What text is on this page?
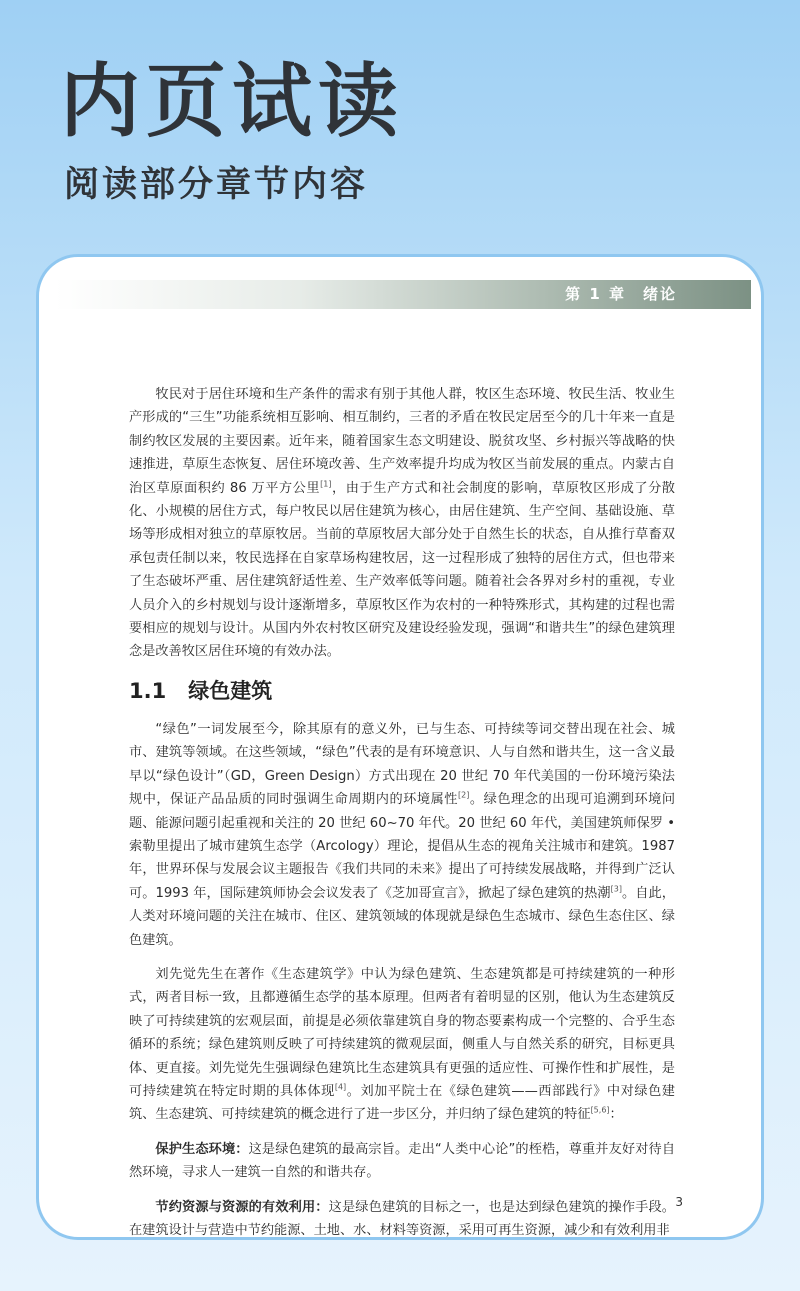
内页试读
阅读部分章节内容

第 1 章　绪论

牧民对于居住环境和生产条件的需求有别于其他人群，牧区生态环境、牧民生活、牧业生产形成的“三生”功能系统相互影响、相互制约，三者的矛盾在牧民定居至今的几十年来一直是制约牧区发展的主要因素。近年来，随着国家生态文明建设、脱贫攻坚、乡村振兴等战略的快速推进，草原生态恢复、居住环境改善、生产效率提升均成为牧区当前发展的重点。内蒙古自治区草原面积约 86 万平方公里[1]，由于生产方式和社会制度的影响，草原牧区形成了分散化、小规模的居住方式，每户牧民以居住建筑为核心，由居住建筑、生产空间、基础设施、草场等形成相对独立的草原牧居。当前的草原牧居大部分处于自然生长的状态，自从推行草畜双承包责任制以来，牧民选择在自家草场构建牧居，这一过程形成了独特的居住方式，但也带来了生态破坏严重、居住建筑舒适性差、生产效率低等问题。随着社会各界对乡村的重视，专业人员介入的乡村规划与设计逐渐增多，草原牧区作为农村的一种特殊形式，其构建的过程也需要相应的规划与设计。从国内外农村牧区研究及建设经验发现，强调“和谐共生”的绿色建筑理念是改善牧区居住环境的有效办法。

1.1 绿色建筑

“绿色”一词发展至今，除其原有的意义外，已与生态、可持续等词交替出现在社会、城市、建筑等领域。在这些领域，“绿色”代表的是有环境意识、人与自然和谐共生，这一含义最早以“绿色设计”（GD，Green Design）方式出现在 20 世纪 70 年代美国的一份环境污染法规中，保证产品品质的同时强调生命周期内的环境属性[2]。绿色理念的出现可追溯到环境问题、能源问题引起重视和关注的 20 世纪 60~70 年代。20 世纪 60 年代，美国建筑师保罗 • 索勒里提出了城市建筑生态学（Arcology）理论，提倡从生态的视角关注城市和建筑。1987 年，世界环保与发展会议主题报告《我们共同的未来》提出了可持续发展战略，并得到广泛认可。1993 年，国际建筑师协会会议发表了《芝加哥宣言》，掀起了绿色建筑的热潮[3]。自此，人类对环境问题的关注在城市、住区、建筑领域的体现就是绿色生态城市、绿色生态住区、绿色建筑。

刘先觉先生在著作《生态建筑学》中认为绿色建筑、生态建筑都是可持续建筑的一种形式，两者目标一致，且都遵循生态学的基本原理。但两者有着明显的区别，他认为生态建筑反映了可持续建筑的宏观层面，前提是必须依靠建筑自身的物态要素构成一个完整的、合乎生态循环的系统；绿色建筑则反映了可持续建筑的微观层面，侧重人与自然关系的研究，目标更具体、更直接。刘先觉先生强调绿色建筑比生态建筑具有更强的适应性、可操作性和扩展性，是可持续建筑在特定时期的具体体现[4]。刘加平院士在《绿色建筑——西部践行》中对绿色建筑、生态建筑、可持续建筑的概念进行了进一步区分，并归纳了绿色建筑的特征[5,6]：

保护生态环境：这是绿色建筑的最高宗旨。走出“人类中心论”的桎梏，尊重并友好对待自然环境，寻求人一建筑一自然的和谐共存。

节约资源与资源的有效利用：这是绿色建筑的目标之一，也是达到绿色建筑的操作手段。在建筑设计与营造中节约能源、土地、水、材料等资源，采用可再生资源，减少和有效利用非

3
